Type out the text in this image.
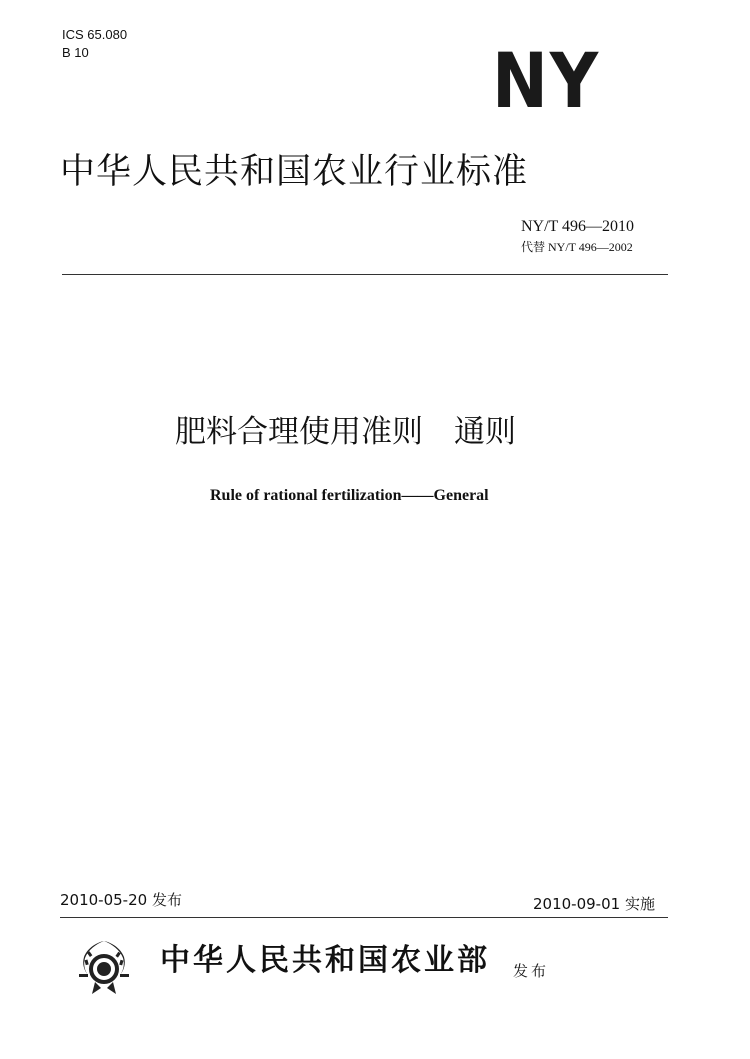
ICS 65.080
B 10	NY
中华人民共和国农业行业标准
NY/T 496—2010
代替 NY/T 496—2002
肥料合理使用准则　通则
Rule of rational fertilization——General
2010-05-20 发布	2010-09-01 实施
中华人民共和国农业部 发布
